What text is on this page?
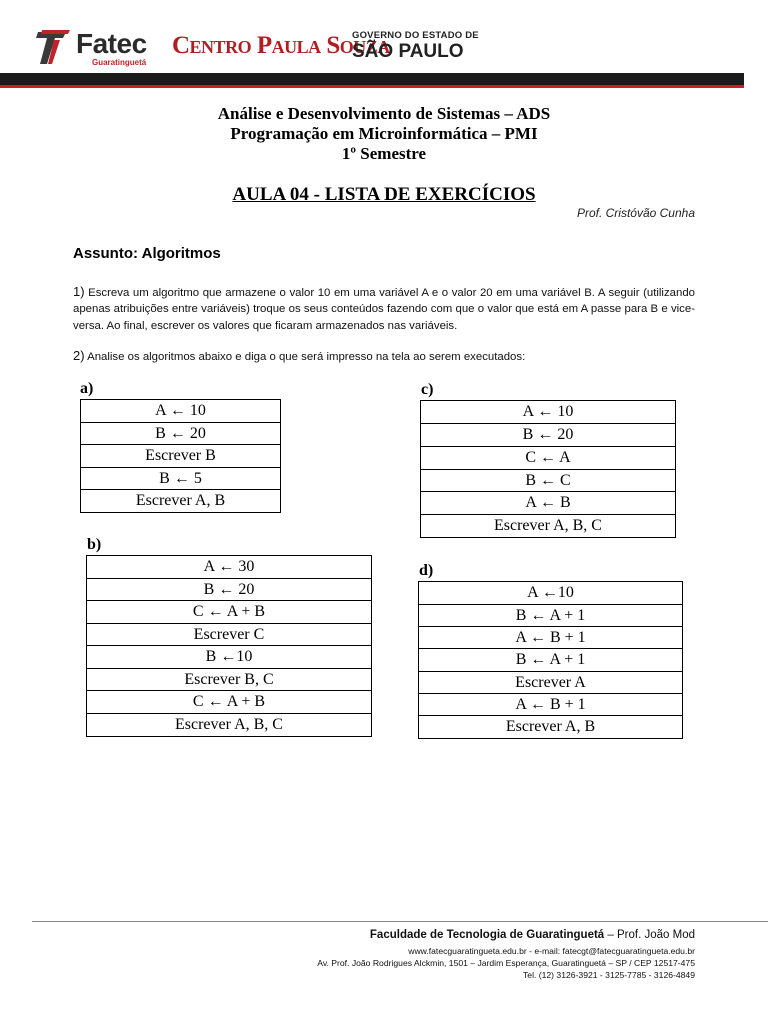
Fatec
Guaratinguetá
Centro Paula Souza
GOVERNO DO ESTADO DE
SÃO PAULO
Análise e Desenvolvimento de Sistemas – ADS
Programação em Microinformática – PMI
1º Semestre
AULA 04 - LISTA DE EXERCÍCIOS
Prof. Cristóvão Cunha
Assunto: Algoritmos
1) Escreva um algoritmo que armazene o valor 10 em uma variável A e o valor 20 em uma variável B. A seguir (utilizando apenas atribuições entre variáveis) troque os seus conteúdos fazendo com que o valor que está em A passe para B e vice-versa. Ao final, escrever os valores que ficaram armazenados nas variáveis.
2) Analise os algoritmos abaixo e diga o que será impresso na tela ao serem executados:
a)
A ← 10
B ← 20
Escrever B
B ← 5
Escrever A, B
b)
A ← 30
B ← 20
C ← A + B
Escrever C
B ←10
Escrever B, C
C ← A + B
Escrever A, B, C
c)
A ← 10
B ← 20
C ← A
B ← C
A ← B
Escrever A, B, C
d)
A ←10
B ← A + 1
A ← B + 1
B ← A + 1
Escrever A
A ← B + 1
Escrever A, B
Faculdade de Tecnologia de Guaratinguetá – Prof. João Mod
www.fatecguaratingueta.edu.br - e-mail: fatecgt@fatecguaratingueta.edu.br
Av. Prof. João Rodrigues Alckmin, 1501 – Jardim Esperança, Guaratinguetá – SP / CEP 12517-475
Tel. (12) 3126-3921 - 3125-7785 - 3126-4849
